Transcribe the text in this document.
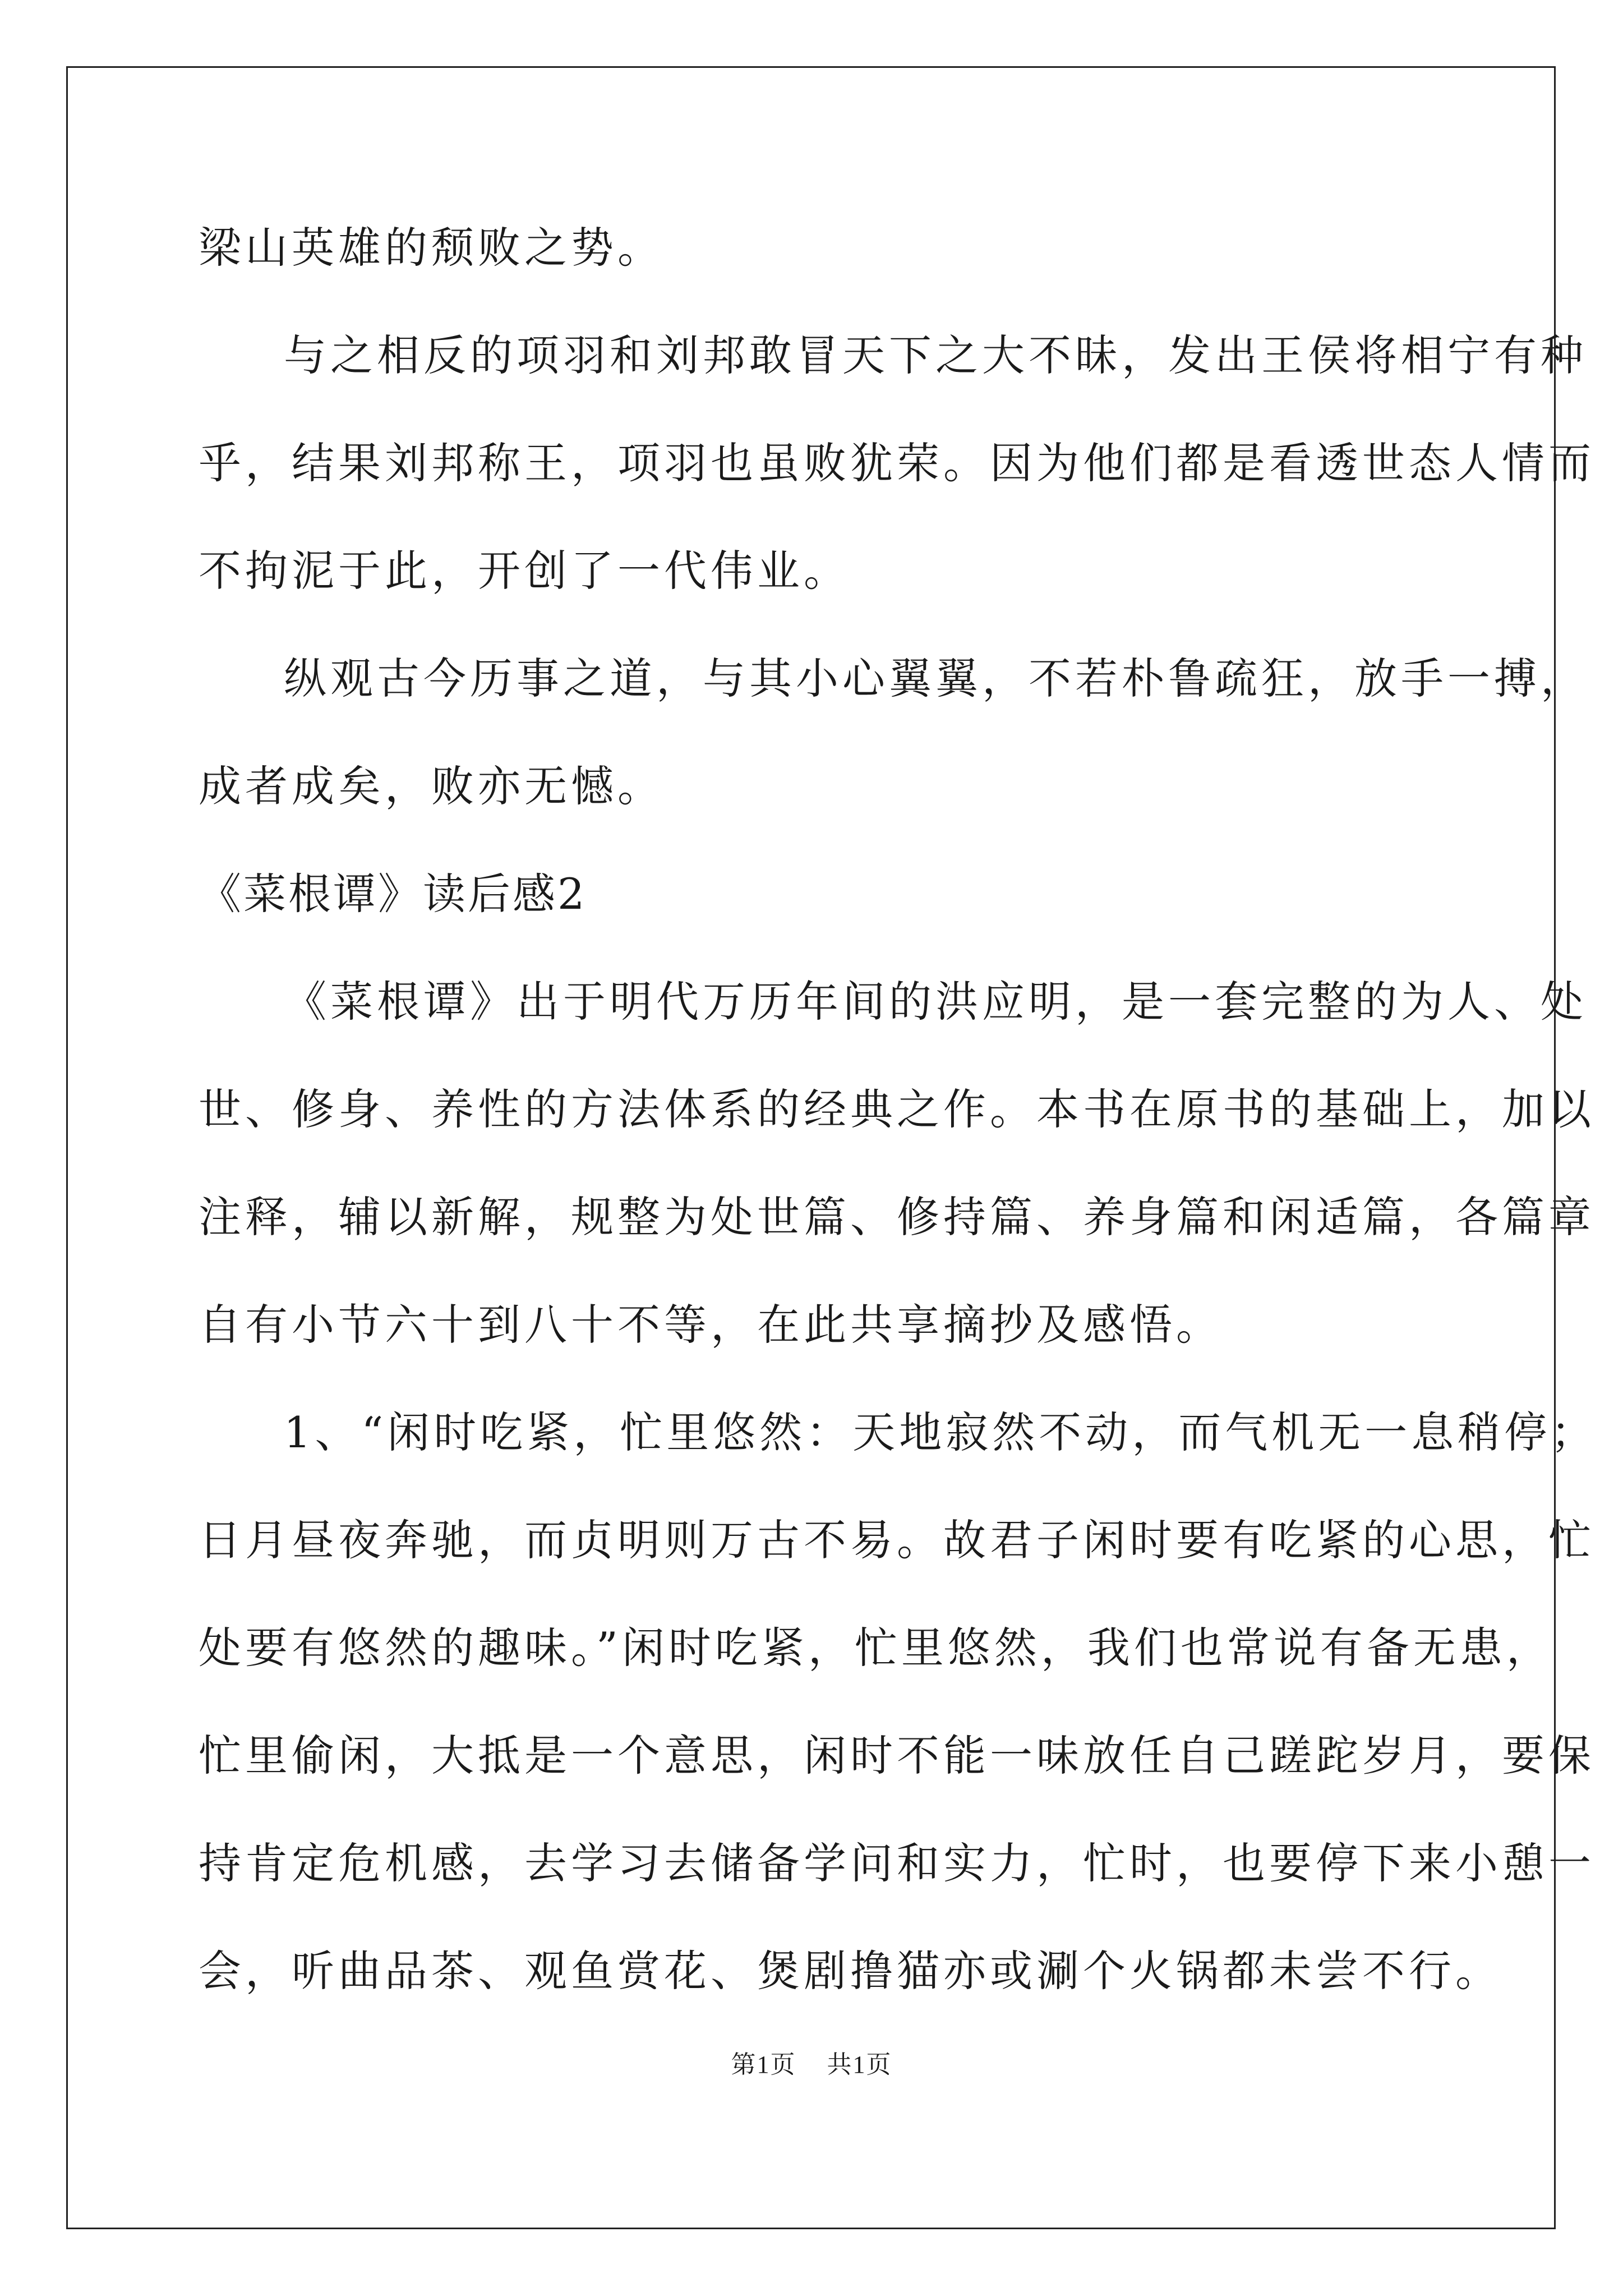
梁山英雄的颓败之势。
与之相反的项羽和刘邦敢冒天下之大不昧，发出王侯将相宁有种
乎，结果刘邦称王，项羽也虽败犹荣。因为他们都是看透世态人情而
不拘泥于此，开创了一代伟业。
纵观古今历事之道，与其小心翼翼，不若朴鲁疏狂，放手一搏，
成者成矣，败亦无憾。
《菜根谭》读后感2
《菜根谭》出于明代万历年间的洪应明，是一套完整的为人、处
世、修身、养性的方法体系的经典之作。本书在原书的基础上，加以
注释，辅以新解，规整为处世篇、修持篇、养身篇和闲适篇，各篇章
自有小节六十到八十不等，在此共享摘抄及感悟。
1、“闲时吃紧，忙里悠然：天地寂然不动，而气机无一息稍停；
日月昼夜奔驰，而贞明则万古不易。故君子闲时要有吃紧的心思，忙
处要有悠然的趣味。”闲时吃紧，忙里悠然，我们也常说有备无患，
忙里偷闲，大抵是一个意思，闲时不能一味放任自己蹉跎岁月，要保
持肯定危机感，去学习去储备学问和实力，忙时，也要停下来小憩一
会，听曲品茶、观鱼赏花、煲剧撸猫亦或涮个火锅都未尝不行。
第1页 共1页
